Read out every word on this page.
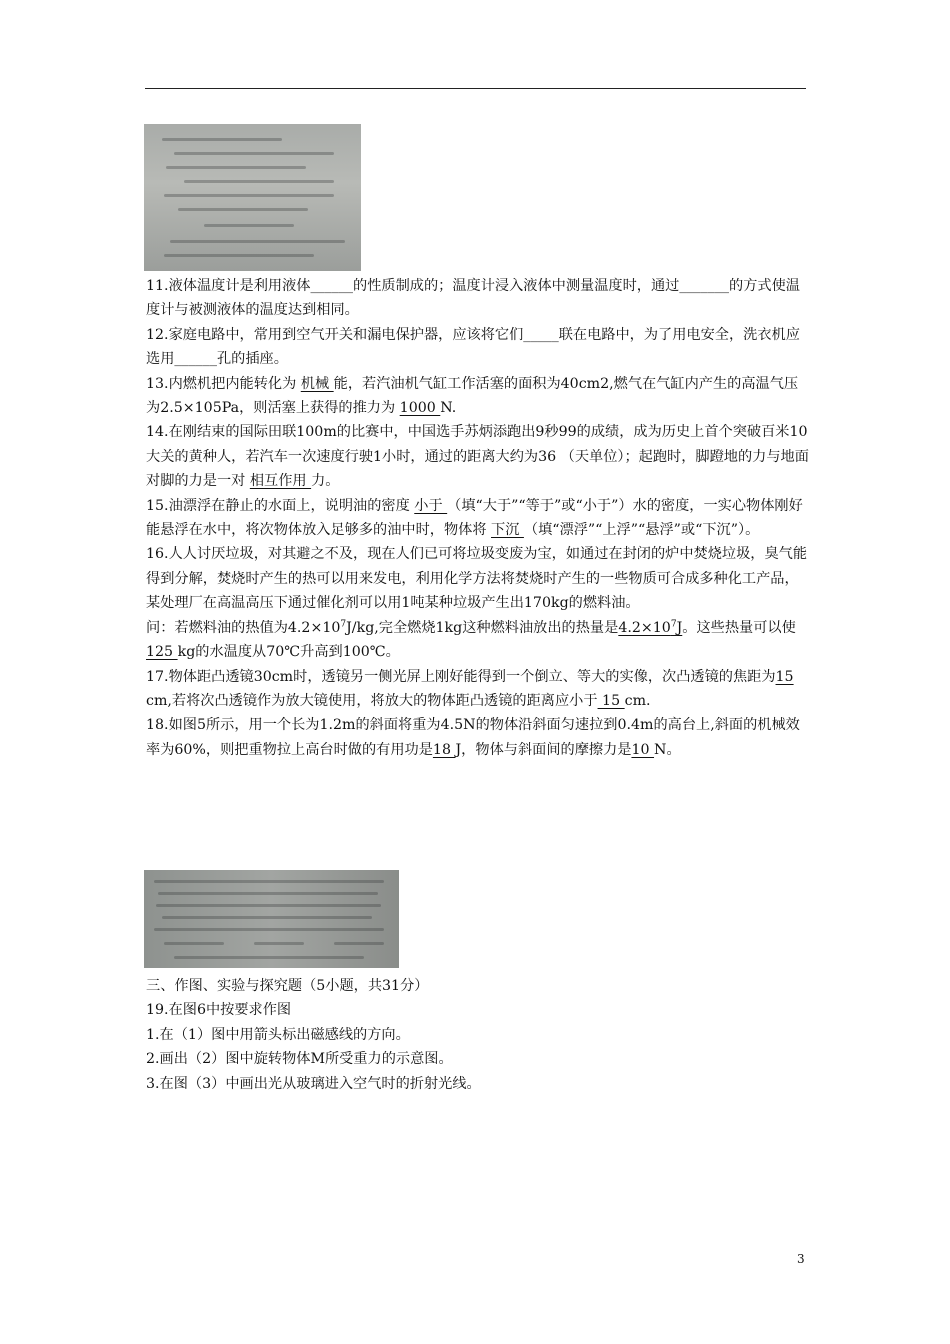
11.液体温度计是利用液体______的性质制成的；温度计浸入液体中测量温度时，通过_______的方式使温度计与被测液体的温度达到相同。

12.家庭电路中，常用到空气开关和漏电保护器，应该将它们_____联在电路中，为了用电安全，洗衣机应选用______孔的插座。

13.内燃机把内能转化为 机械 能，若汽油机气缸工作活塞的面积为40cm2,燃气在气缸内产生的高温气压为2.5×105Pa，则活塞上获得的推力为 1000 N.

14.在刚结束的国际田联100m的比赛中，中国选手苏炳添跑出9秒99的成绩，成为历史上首个突破百米10大关的黄种人，若汽车一次速度行驶1小时，通过的距离大约为36 （天单位）；起跑时，脚蹬地的力与地面对脚的力是一对 相互作用 力。

15.油漂浮在静止的水面上，说明油的密度 小于 （填“大于”“等于”或“小于”）水的密度，一实心物体刚好能悬浮在水中，将次物体放入足够多的油中时，物体将 下沉 （填“漂浮”“上浮”“悬浮”或“下沉”）。

16.人人讨厌垃圾，对其避之不及，现在人们已可将垃圾变废为宝，如通过在封闭的炉中焚烧垃圾，臭气能得到分解，焚烧时产生的热可以用来发电，利用化学方法将焚烧时产生的一些物质可合成多种化工产品，某处理厂在高温高压下通过催化剂可以用1吨某种垃圾产生出170kg的燃料油。

问：若燃料油的热值为$4.2\times 10^7J/kg$,完全燃烧1kg这种燃料油放出的热量是$4.2\times 10^7J$。这些热量可以使 125 kg的水温度从70℃升高到100℃。

17.物体距凸透镜30cm时，透镜另一侧光屏上刚好能得到一个倒立、等大的实像，次凸透镜的焦距为15 cm,若将次凸透镜作为放大镜使用，将放大的物体距凸透镜的距离应小于 15 cm.

18.如图5所示，用一个长为1.2m的斜面将重为4.5N的物体沿斜面匀速拉到0.4m的高台上,斜面的机械效率为60%，则把重物拉上高台时做的有用功是18 J，物体与斜面间的摩擦力是10 N。

三、作图、实验与探究题（5小题，共31分）

19.在图6中按要求作图

1.在（1）图中用箭头标出磁感线的方向。

2.画出（2）图中旋转物体M所受重力的示意图。

3.在图（3）中画出光从玻璃进入空气时的折射光线。

3
